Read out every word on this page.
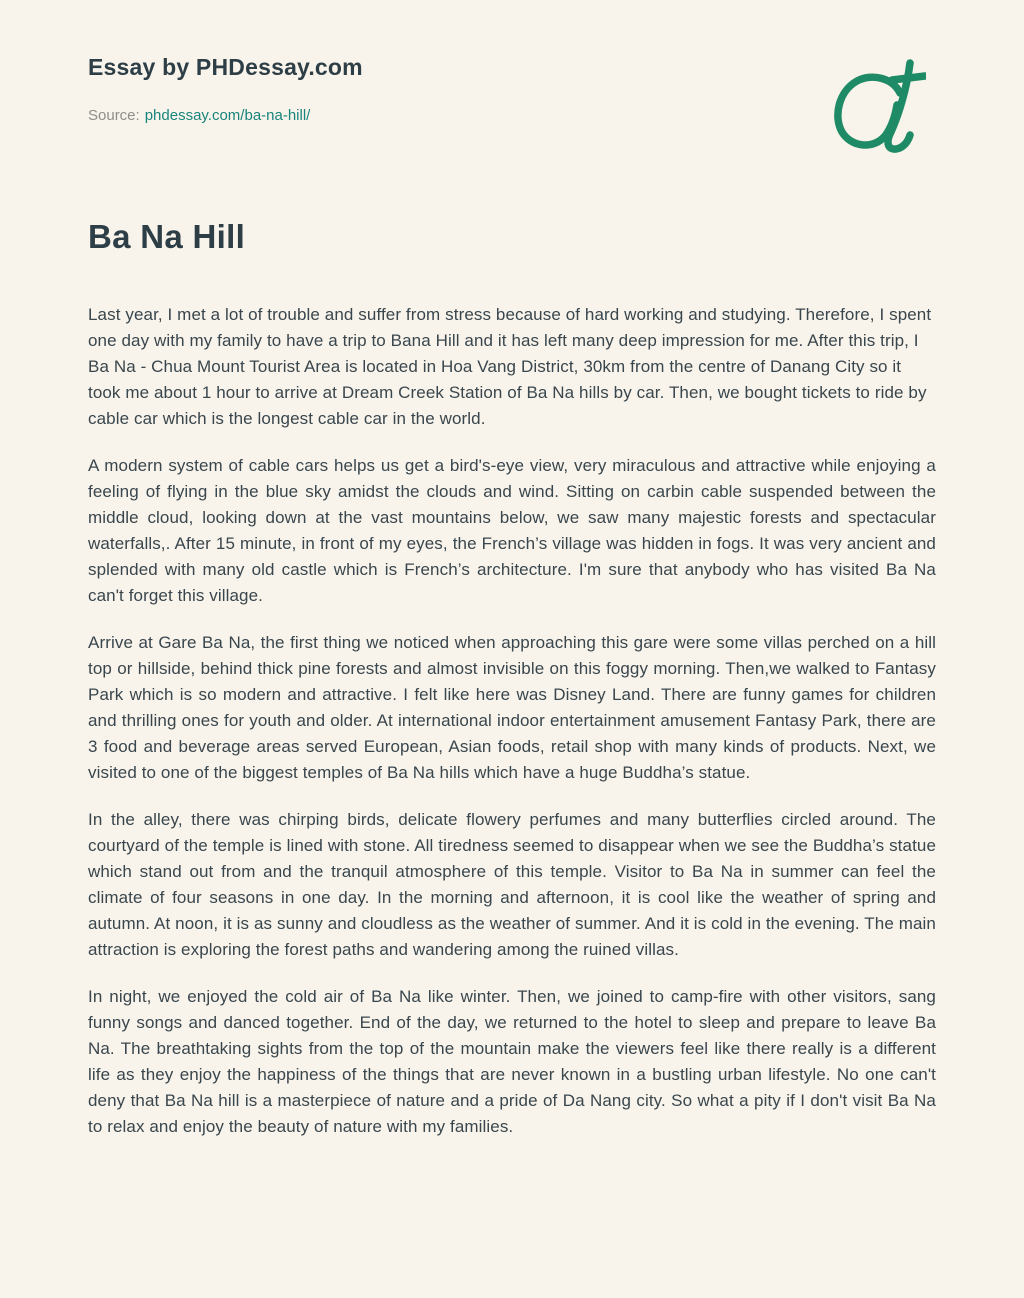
Essay by PHDessay.com

Source: phdessay.com/ba-na-hill/

Ba Na Hill

Last year, I met a lot of trouble and suffer from stress because of hard working and studying. Therefore, I spent one day with my family to have a trip to Bana Hill and it has left many deep impression for me. After this trip, I Ba Na - Chua Mount Tourist Area is located in Hoa Vang District, 30km from the centre of Danang City so it took me about 1 hour to arrive at Dream Creek Station of Ba Na hills by car. Then, we bought tickets to ride by cable car which is the longest cable car in the world.

A modern system of cable cars helps us get a bird's-eye view, very miraculous and attractive while enjoying a feeling of flying in the blue sky amidst the clouds and wind. Sitting on carbin cable suspended between the middle cloud, looking down at the vast mountains below, we saw many majestic forests and spectacular waterfalls,. After 15 minute, in front of my eyes, the French’s village was hidden in fogs. It was very ancient and splended with many old castle which is French’s architecture. I'm sure that anybody who has visited Ba Na can't forget this village.

Arrive at Gare Ba Na, the first thing we noticed when approaching this gare were some villas perched on a hill top or hillside, behind thick pine forests and almost invisible on this foggy morning. Then,we walked to Fantasy Park which is so modern and attractive. I felt like here was Disney Land. There are funny games for children and thrilling ones for youth and older. At international indoor entertainment amusement Fantasy Park, there are 3 food and beverage areas served European, Asian foods, retail shop with many kinds of products. Next, we visited to one of the biggest temples of Ba Na hills which have a huge Buddha’s statue.

In the alley, there was chirping birds, delicate flowery perfumes and many butterflies circled around. The courtyard of the temple is lined with stone. All tiredness seemed to disappear when we see the Buddha’s statue which stand out from and the tranquil atmosphere of this temple. Visitor to Ba Na in summer can feel the climate of four seasons in one day. In the morning and afternoon, it is cool like the weather of spring and autumn. At noon, it is as sunny and cloudless as the weather of summer. And it is cold in the evening. The main attraction is exploring the forest paths and wandering among the ruined villas.

In night, we enjoyed the cold air of Ba Na like winter. Then, we joined to camp-fire with other visitors, sang funny songs and danced together. End of the day, we returned to the hotel to sleep and prepare to leave Ba Na. The breathtaking sights from the top of the mountain make the viewers feel like there really is a different life as they enjoy the happiness of the things that are never known in a bustling urban lifestyle. No one can't deny that Ba Na hill is a masterpiece of nature and a pride of Da Nang city. So what a pity if I don't visit Ba Na to relax and enjoy the beauty of nature with my families.
